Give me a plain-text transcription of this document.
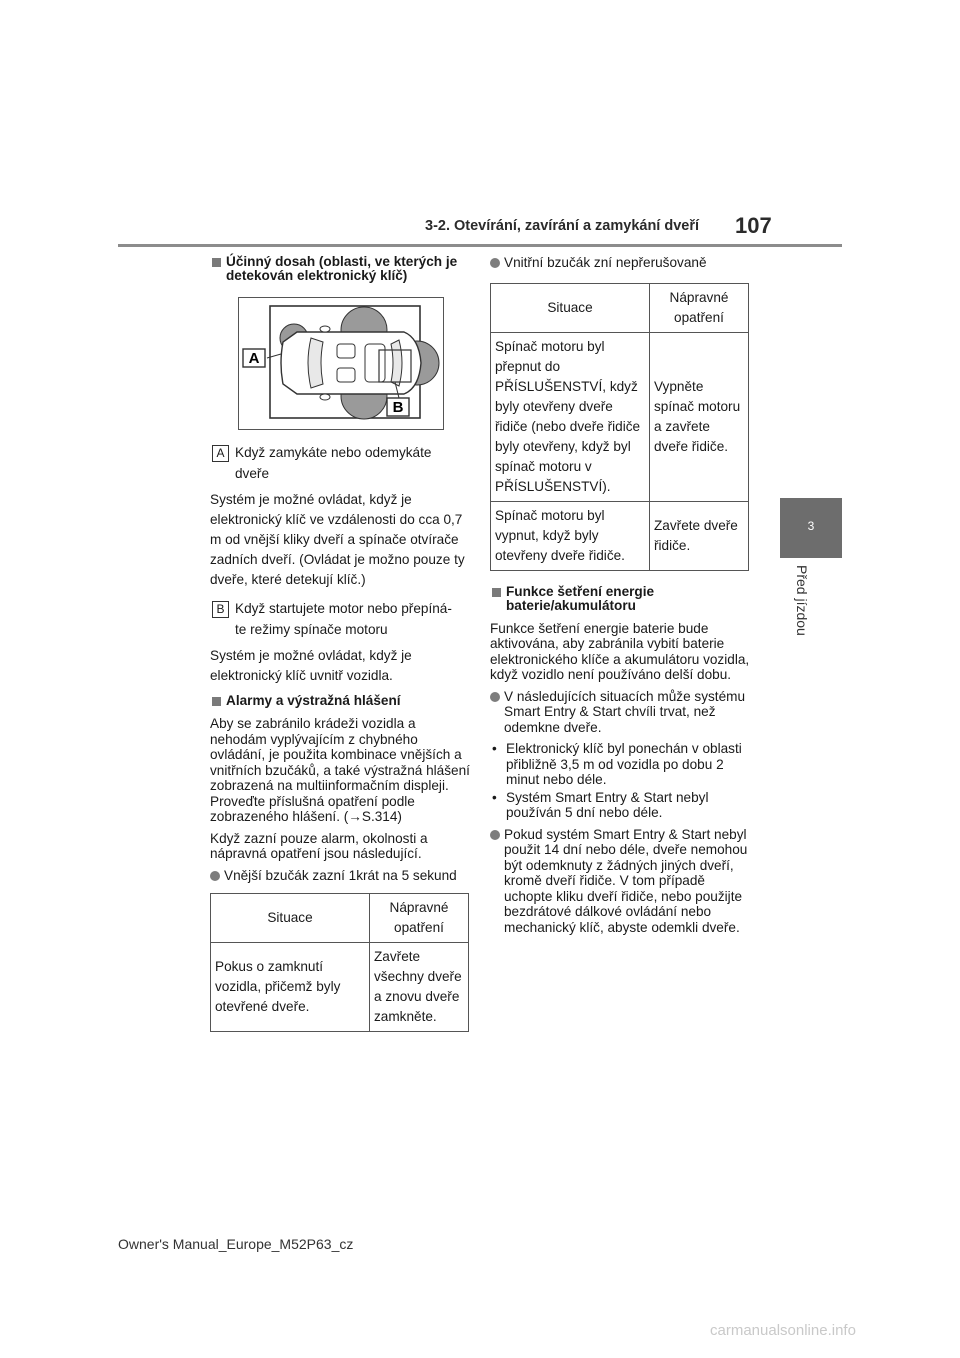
3-2. Otevírání, zavírání a zamykání dveří 107
3
Před jízdou
Účinný dosah (oblasti, ve kterých je detekován elektronický klíč)
A
B
A Když zamykáte nebo odemykáte
dveře
Systém je možné ovládat, když je elektronický klíč ve vzdálenosti do cca 0,7 m od vnější kliky dveří a spínače otvírače zadních dveří. (Ovládat je možno pouze ty dveře, které detekují klíč.)
B Když startujete motor nebo přepíná-
te režimy spínače motoru
Systém je možné ovládat, když je elektronický klíč uvnitř vozidla.
Alarmy a výstražná hlášení
Aby se zabránilo krádeži vozidla a nehodám vyplývajícím z chybného ovládání, je použita kombinace vnějších a vnitřních bzučáků, a také výstražná hlášení zobrazená na multiinformačním displeji. Proveďte příslušná opatření podle zobrazeného hlášení. (→S.314)
Když zazní pouze alarm, okolnosti a nápravná opatření jsou následující.
Vnější bzučák zazní 1krát na 5 sekund
Situace	Nápravné opatření
Pokus o zamknutí vozidla, přičemž byly otevřené dveře.	Zavřete všechny dveře a znovu dveře zamkněte.
Vnitřní bzučák zní nepřerušovaně
Situace	Nápravné opatření
Spínač motoru byl přepnut do PŘÍSLUŠENSTVÍ, když byly otevřeny dveře řidiče (nebo dveře řidiče byly otevřeny, když byl spínač motoru v PŘÍSLUŠENSTVÍ).	Vypněte spínač motoru a zavřete dveře řidiče.
Spínač motoru byl vypnut, když byly otevřeny dveře řidiče.	Zavřete dveře řidiče.
Funkce šetření energie baterie/akumulátoru
Funkce šetření energie baterie bude aktivována, aby zabránila vybití baterie elektronického klíče a akumulátoru vozidla, když vozidlo není používáno delší dobu.
V následujících situacích může systému Smart Entry & Start chvíli trvat, než odemkne dveře.
• Elektronický klíč byl ponechán v oblasti přibližně 3,5 m od vozidla po dobu 2 minut nebo déle.
• Systém Smart Entry & Start nebyl používán 5 dní nebo déle.
Pokud systém Smart Entry & Start nebyl použit 14 dní nebo déle, dveře nemohou být odemknuty z žádných jiných dveří, kromě dveří řidiče. V tom případě uchopte kliku dveří řidiče, nebo použijte bezdrátové dálkové ovládání nebo mechanický klíč, abyste odemkli dveře.
Owner's Manual_Europe_M52P63_cz
carmanualsonline.info
